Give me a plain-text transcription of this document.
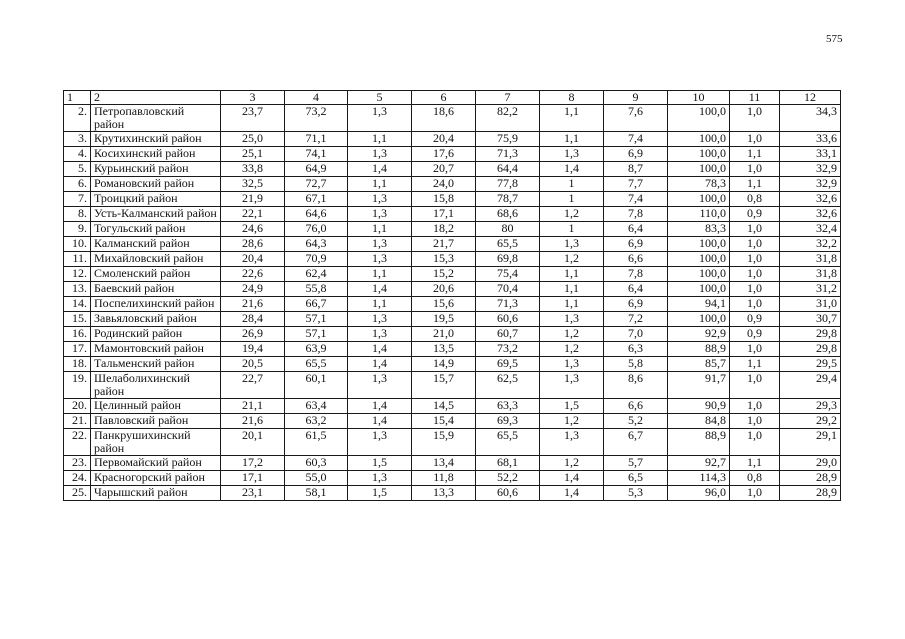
575
1	2	3	4	5	6	7	8	9	10	11	12
2.	Петропавловский район	23,7	73,2	1,3	18,6	82,2	1,1	7,6	100,0	1,0	34,3
3.	Крутихинский район	25,0	71,1	1,1	20,4	75,9	1,1	7,4	100,0	1,0	33,6
4.	Косихинский район	25,1	74,1	1,3	17,6	71,3	1,3	6,9	100,0	1,1	33,1
5.	Курьинский район	33,8	64,9	1,4	20,7	64,4	1,4	8,7	100,0	1,0	32,9
6.	Романовский район	32,5	72,7	1,1	24,0	77,8	1	7,7	78,3	1,1	32,9
7.	Троицкий район	21,9	67,1	1,3	15,8	78,7	1	7,4	100,0	0,8	32,6
8.	Усть-Калманский район	22,1	64,6	1,3	17,1	68,6	1,2	7,8	110,0	0,9	32,6
9.	Тогульский район	24,6	76,0	1,1	18,2	80	1	6,4	83,3	1,0	32,4
10.	Калманский район	28,6	64,3	1,3	21,7	65,5	1,3	6,9	100,0	1,0	32,2
11.	Михайловский район	20,4	70,9	1,3	15,3	69,8	1,2	6,6	100,0	1,0	31,8
12.	Смоленский район	22,6	62,4	1,1	15,2	75,4	1,1	7,8	100,0	1,0	31,8
13.	Баевский район	24,9	55,8	1,4	20,6	70,4	1,1	6,4	100,0	1,0	31,2
14.	Поспелихинский район	21,6	66,7	1,1	15,6	71,3	1,1	6,9	94,1	1,0	31,0
15.	Завьяловский район	28,4	57,1	1,3	19,5	60,6	1,3	7,2	100,0	0,9	30,7
16.	Родинский район	26,9	57,1	1,3	21,0	60,7	1,2	7,0	92,9	0,9	29,8
17.	Мамонтовский район	19,4	63,9	1,4	13,5	73,2	1,2	6,3	88,9	1,0	29,8
18.	Тальменский район	20,5	65,5	1,4	14,9	69,5	1,3	5,8	85,7	1,1	29,5
19.	Шелаболихинский район	22,7	60,1	1,3	15,7	62,5	1,3	8,6	91,7	1,0	29,4
20.	Целинный район	21,1	63,4	1,4	14,5	63,3	1,5	6,6	90,9	1,0	29,3
21.	Павловский район	21,6	63,2	1,4	15,4	69,3	1,2	5,2	84,8	1,0	29,2
22.	Панкрушихинский район	20,1	61,5	1,3	15,9	65,5	1,3	6,7	88,9	1,0	29,1
23.	Первомайский район	17,2	60,3	1,5	13,4	68,1	1,2	5,7	92,7	1,1	29,0
24.	Красногорский район	17,1	55,0	1,3	11,8	52,2	1,4	6,5	114,3	0,8	28,9
25.	Чарышский район	23,1	58,1	1,5	13,3	60,6	1,4	5,3	96,0	1,0	28,9
